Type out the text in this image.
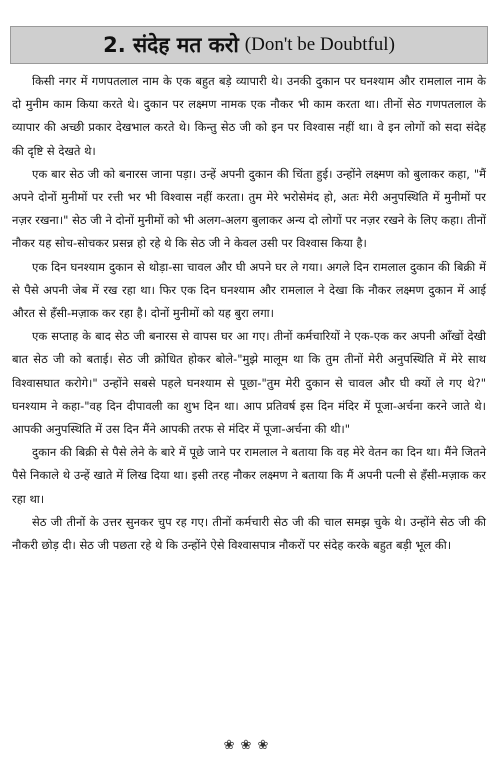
2. संदेह मत करो (Don't be Doubtful)

किसी नगर में गणपतलाल नाम के एक बहुत बड़े व्यापारी थे। उनकी दुकान पर घनश्याम और रामलाल नाम के दो मुनीम काम किया करते थे। दुकान पर लक्ष्मण नामक एक नौकर भी काम करता था। तीनों सेठ गणपतलाल के व्यापार की अच्छी प्रकार देखभाल करते थे। किन्तु सेठ जी को इन पर विश्वास नहीं था। वे इन लोगों को सदा संदेह की दृष्टि से देखते थे।

एक बार सेठ जी को बनारस जाना पड़ा। उन्हें अपनी दुकान की चिंता हुई। उन्होंने लक्ष्मण को बुलाकर कहा, "मैं अपने दोनों मुनीमों पर रत्ती भर भी विश्वास नहीं करता। तुम मेरे भरोसेमंद हो, अतः मेरी अनुपस्थिति में मुनीमों पर नज़र रखना।" सेठ जी ने दोनों मुनीमों को भी अलग-अलग बुलाकर अन्य दो लोगों पर नज़र रखने के लिए कहा। तीनों नौकर यह सोच-सोचकर प्रसन्न हो रहे थे कि सेठ जी ने केवल उसी पर विश्वास किया है।

एक दिन घनश्याम दुकान से थोड़ा-सा चावल और घी अपने घर ले गया। अगले दिन रामलाल दुकान की बिक्री में से पैसे अपनी जेब में रख रहा था। फिर एक दिन घनश्याम और रामलाल ने देखा कि नौकर लक्ष्मण दुकान में आई औरत से हँसी-मज़ाक कर रहा है। दोनों मुनीमों को यह बुरा लगा।

एक सप्ताह के बाद सेठ जी बनारस से वापस घर आ गए। तीनों कर्मचारियों ने एक-एक कर अपनी आँखों देखी बात सेठ जी को बताई। सेठ जी क्रोधित होकर बोले-"मुझे मालूम था कि तुम तीनों मेरी अनुपस्थिति में मेरे साथ विश्वासघात करोगे।" उन्होंने सबसे पहले घनश्याम से पूछा-"तुम मेरी दुकान से चावल और घी क्यों ले गए थे?" घनश्याम ने कहा-"वह दिन दीपावली का शुभ दिन था। आप प्रतिवर्ष इस दिन मंदिर में पूजा-अर्चना करने जाते थे। आपकी अनुपस्थिति में उस दिन मैंने आपकी तरफ से मंदिर में पूजा-अर्चना की थी।"

दुकान की बिक्री से पैसे लेने के बारे में पूछे जाने पर रामलाल ने बताया कि वह मेरे वेतन का दिन था। मैंने जितने पैसे निकाले थे उन्हें खाते में लिख दिया था। इसी तरह नौकर लक्ष्मण ने बताया कि मैं अपनी पत्नी से हँसी-मज़ाक कर रहा था।

सेठ जी तीनों के उत्तर सुनकर चुप रह गए। तीनों कर्मचारी सेठ जी की चाल समझ चुके थे। उन्होंने सेठ जी की नौकरी छोड़ दी। सेठ जी पछता रहे थे कि उन्होंने ऐसे विश्वासपात्र नौकरों पर संदेह करके बहुत बड़ी भूल की।

❀❀❀
